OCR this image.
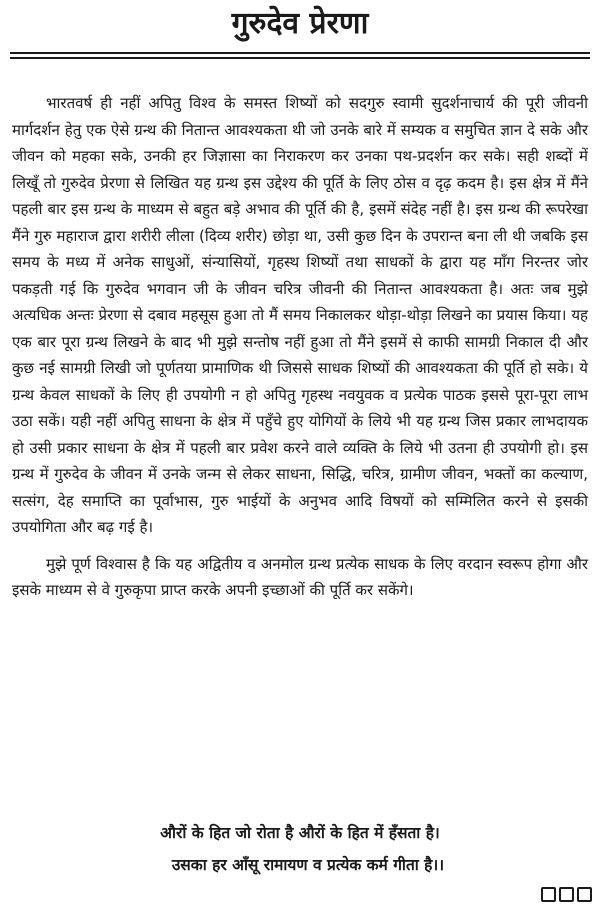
गुरुदेव प्रेरणा

भारतवर्ष ही नहीं अपितु विश्व के समस्त शिष्यों को सदगुरु स्वामी सुदर्शनाचार्य की पूरी जीवनी मार्गदर्शन हेतु एक ऐसे ग्रन्थ की नितान्त आवश्यकता थी जो उनके बारे में सम्यक व समुचित ज्ञान दे सके और जीवन को महका सके, उनकी हर जिज्ञासा का निराकरण कर उनका पथ-प्रदर्शन कर सके। सही शब्दों में लिखूँ तो गुरुदेव प्रेरणा से लिखित यह ग्रन्थ इस उद्देश्य की पूर्ति के लिए ठोस व दृढ़ कदम है। इस क्षेत्र में मैंने पहली बार इस ग्रन्थ के माध्यम से बहुत बड़े अभाव की पूर्ति की है, इसमें संदेह नहीं है। इस ग्रन्थ की रूपरेखा मैंने गुरु महाराज द्वारा शरीरी लीला (दिव्य शरीर) छोड़ा था, उसी कुछ दिन के उपरान्त बना ली थी जबकि इस समय के मध्य में अनेक साधुओं, संन्यासियों, गृहस्थ शिष्यों तथा साधकों के द्वारा यह माँग निरन्तर जोर पकड़ती गई कि गुरुदेव भगवान जी के जीवन चरित्र जीवनी की नितान्त आवश्यकता है। अतः जब मुझे अत्यधिक अन्तः प्रेरणा से दबाव महसूस हुआ तो मैं समय निकालकर थोड़ा-थोड़ा लिखने का प्रयास किया। यह एक बार पूरा ग्रन्थ लिखने के बाद भी मुझे सन्तोष नहीं हुआ तो मैंने इसमें से काफी सामग्री निकाल दी और कुछ नई सामग्री लिखी जो पूर्णतया प्रामाणिक थी जिससे साधक शिष्यों की आवश्यकता की पूर्ति हो सके। ये ग्रन्थ केवल साधकों के लिए ही उपयोगी न हो अपितु गृहस्थ नवयुवक व प्रत्येक पाठक इससे पूरा-पूरा लाभ उठा सकें। यही नहीं अपितु साधना के क्षेत्र में पहुँचे हुए योगियों के लिये भी यह ग्रन्थ जिस प्रकार लाभदायक हो उसी प्रकार साधना के क्षेत्र में पहली बार प्रवेश करने वाले व्यक्ति के लिये भी उतना ही उपयोगी हो। इस ग्रन्थ में गुरुदेव के जीवन में उनके जन्म से लेकर साधना, सिद्धि, चरित्र, ग्रामीण जीवन, भक्तों का कल्याण, सत्संग, देह समाप्ति का पूर्वाभास, गुरु भाईयों के अनुभव आदि विषयों को सम्मिलित करने से इसकी उपयोगिता और बढ़ गई है।

मुझे पूर्ण विश्वास है कि यह अद्वितीय व अनमोल ग्रन्थ प्रत्येक साधक के लिए वरदान स्वरूप होगा और इसके माध्यम से वे गुरुकृपा प्राप्त करके अपनी इच्छाओं की पूर्ति कर सकेंगे।

औरों के हित जो रोता है औरों के हित में हँसता है।
उसका हर आँसू रामायण व प्रत्येक कर्म गीता है।।
